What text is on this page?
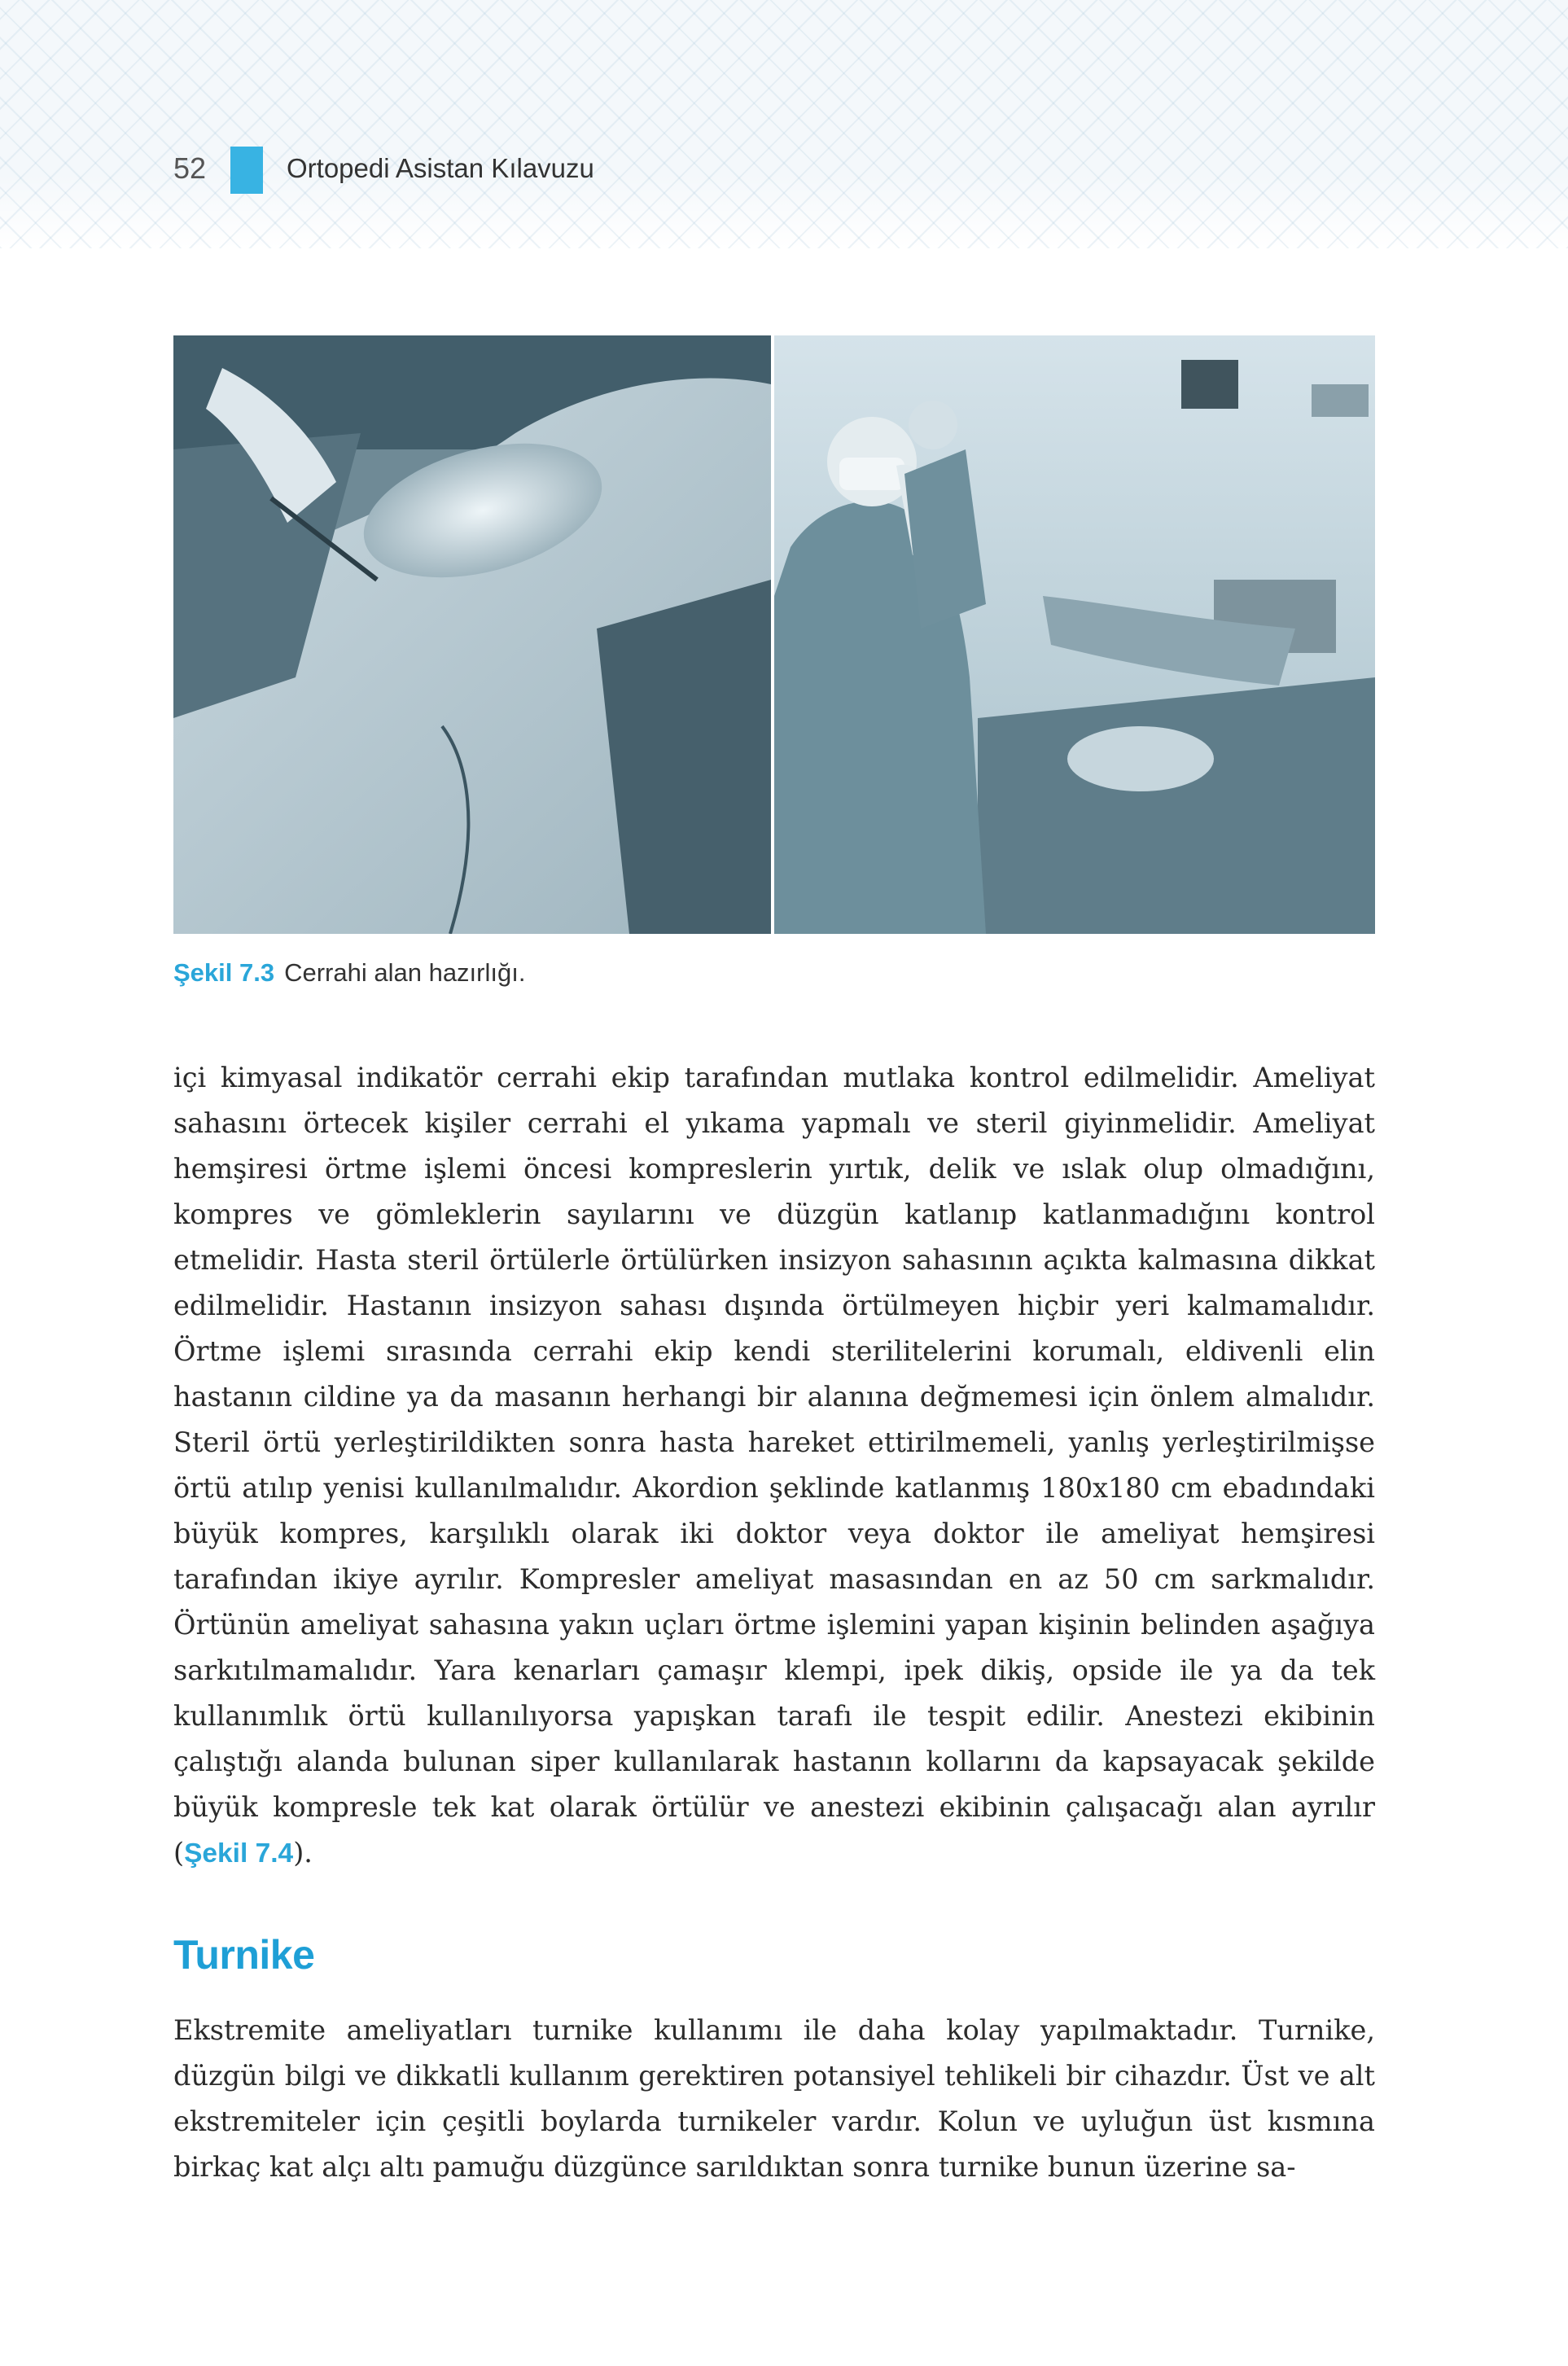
52	Ortopedi Asistan Kılavuzu
Şekil 7.3 Cerrahi alan hazırlığı.

içi kimyasal indikatör cerrahi ekip tarafından mutlaka kontrol edilmelidir. Ameliyat sahasını örtecek kişiler cerrahi el yıkama yapmalı ve steril giyinmelidir. Ameliyat hemşiresi örtme işlemi öncesi kompreslerin yırtık, delik ve ıslak olup olmadığını, kompres ve gömleklerin sayılarını ve düzgün katlanıp katlanmadığını kontrol etmelidir. Hasta steril örtülerle örtülürken insizyon sahasının açıkta kalmasına dikkat edilmelidir. Hastanın insizyon sahası dışında örtülmeyen hiçbir yeri kalmamalıdır. Örtme işlemi sırasında cerrahi ekip kendi sterilitelerini korumalı, eldivenli elin hastanın cildine ya da masanın herhangi bir alanına değmemesi için önlem almalıdır. Steril örtü yerleştirildikten sonra hasta hareket ettirilmemeli, yanlış yerleştirilmişse örtü atılıp yenisi kullanılmalıdır. Akordion şeklinde katlanmış 180x180 cm ebadındaki büyük kompres, karşılıklı olarak iki doktor veya doktor ile ameliyat hemşiresi tarafından ikiye ayrılır. Kompresler ameliyat masasından en az 50 cm sarkmalıdır. Örtünün ameliyat sahasına yakın uçları örtme işlemini yapan kişinin belinden aşağıya sarkıtılmamalıdır. Yara kenarları çamaşır klempi, ipek dikiş, opside ile ya da tek kullanımlık örtü kullanılıyorsa yapışkan tarafı ile tespit edilir. Anestezi ekibinin çalıştığı alanda bulunan siper kullanılarak hastanın kollarını da kapsayacak şekilde büyük kompresle tek kat olarak örtülür ve anestezi ekibinin çalışacağı alan ayrılır (Şekil 7.4).

Turnike

Ekstremite ameliyatları turnike kullanımı ile daha kolay yapılmaktadır. Turnike, düzgün bilgi ve dikkatli kullanım gerektiren potansiyel tehlikeli bir cihazdır. Üst ve alt ekstremiteler için çeşitli boylarda turnikeler vardır. Kolun ve uyluğun üst kısmına birkaç kat alçı altı pamuğu düzgünce sarıldıktan sonra turnike bunun üzerine sa-
